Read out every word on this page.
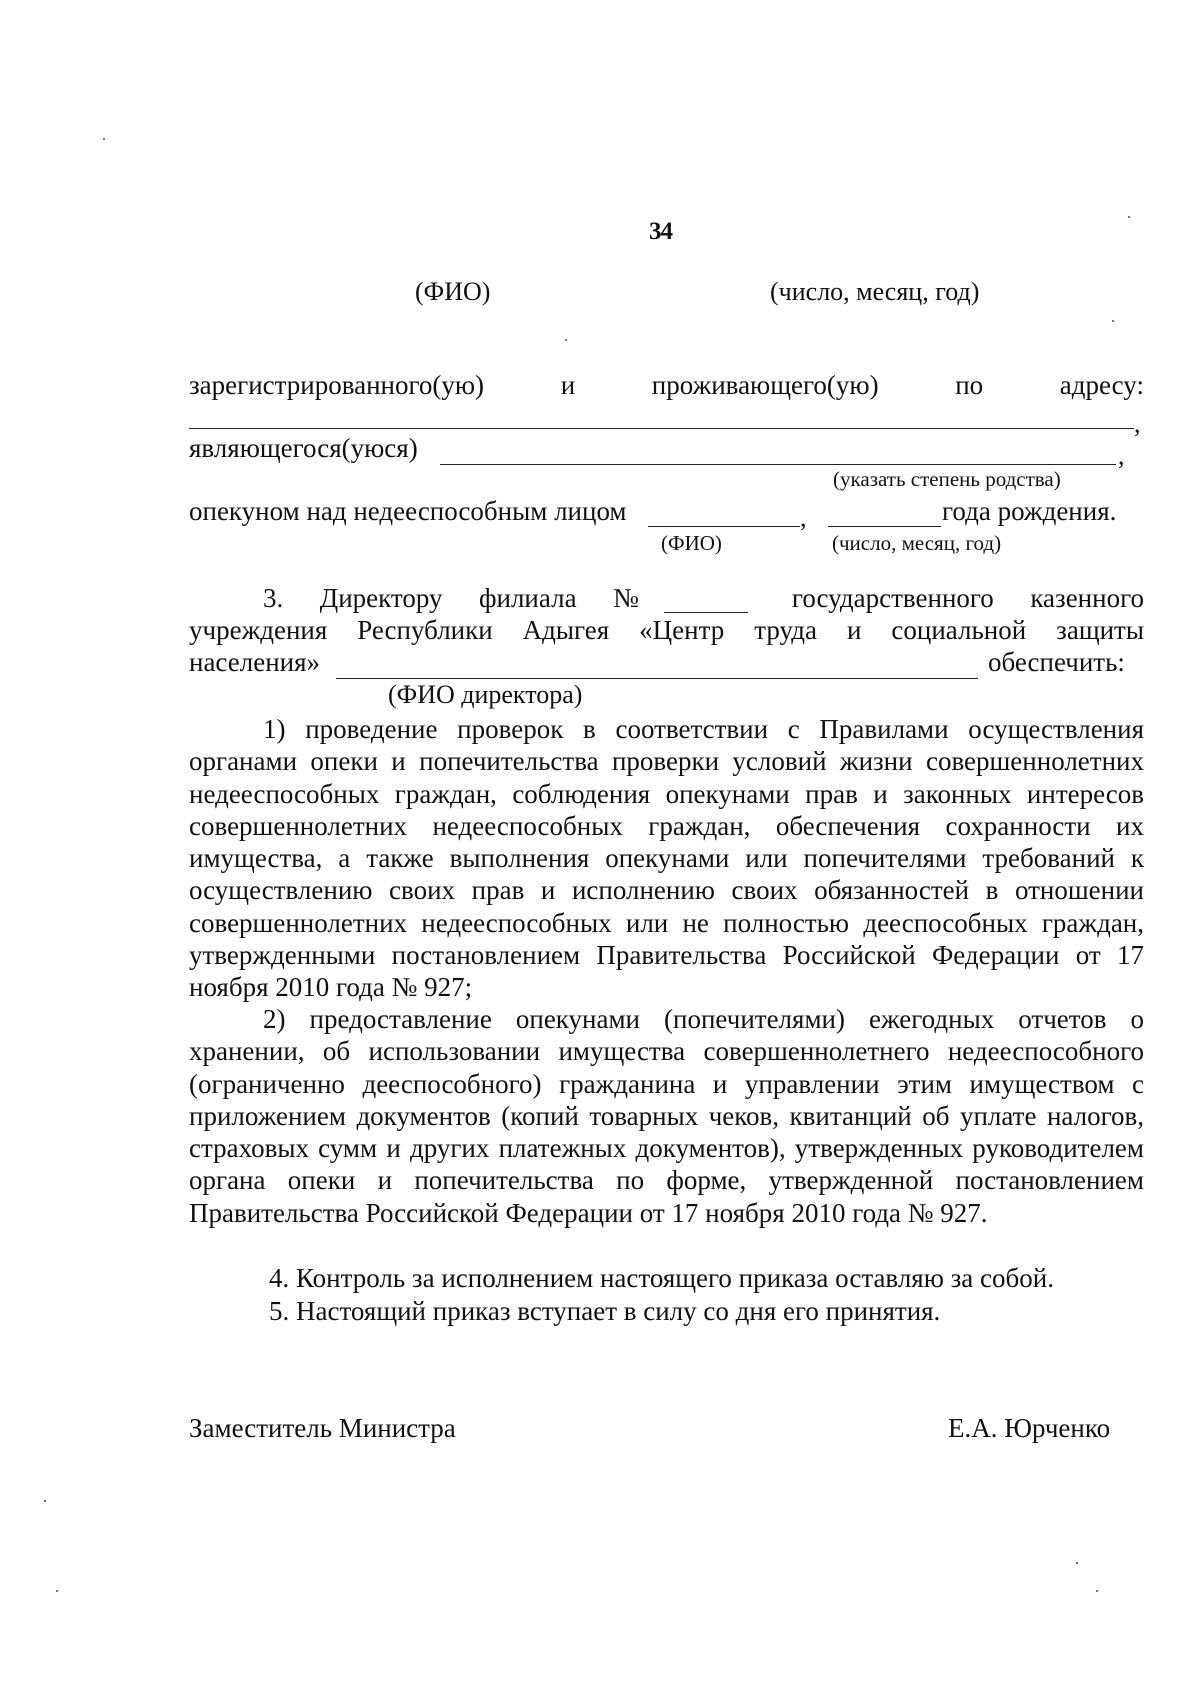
34
(ФИО)	(число, месяц, год)
зарегистрированного(ую)	и	проживающего(ую)	по	адресу:
,
являющегося(уюся)	,
(указать степень родства)
опекуном над недееспособным лицом	,	года рождения.
(ФИО)	(число, месяц, год)
3. Директору филиала №	государственного казенного
учреждения Республики Адыгея «Центр труда и социальной защиты
населения»	обеспечить:
(ФИО директора)
1) проведение проверок в соответствии с Правилами осуществления органами опеки и попечительства проверки условий жизни совершеннолетних недееспособных граждан, соблюдения опекунами прав и законных интересов совершеннолетних недееспособных граждан, обеспечения сохранности их имущества, а также выполнения опекунами или попечителями требований к осуществлению своих прав и исполнению своих обязанностей в отношении совершеннолетних недееспособных или не полностью дееспособных граждан, утвержденными постановлением Правительства Российской Федерации от 17 ноября 2010 года № 927;
2) предоставление опекунами (попечителями) ежегодных отчетов о хранении, об использовании имущества совершеннолетнего недееспособного (ограниченно дееспособного) гражданина и управлении этим имуществом с приложением документов (копий товарных чеков, квитанций об уплате налогов, страховых сумм и других платежных документов), утвержденных руководителем органа опеки и попечительства по форме, утвержденной постановлением Правительства Российской Федерации от 17 ноября 2010 года № 927.
4. Контроль за исполнением настоящего приказа оставляю за собой.
5. Настоящий приказ вступает в силу со дня его принятия.
Заместитель Министра	Е.А. Юрченко
